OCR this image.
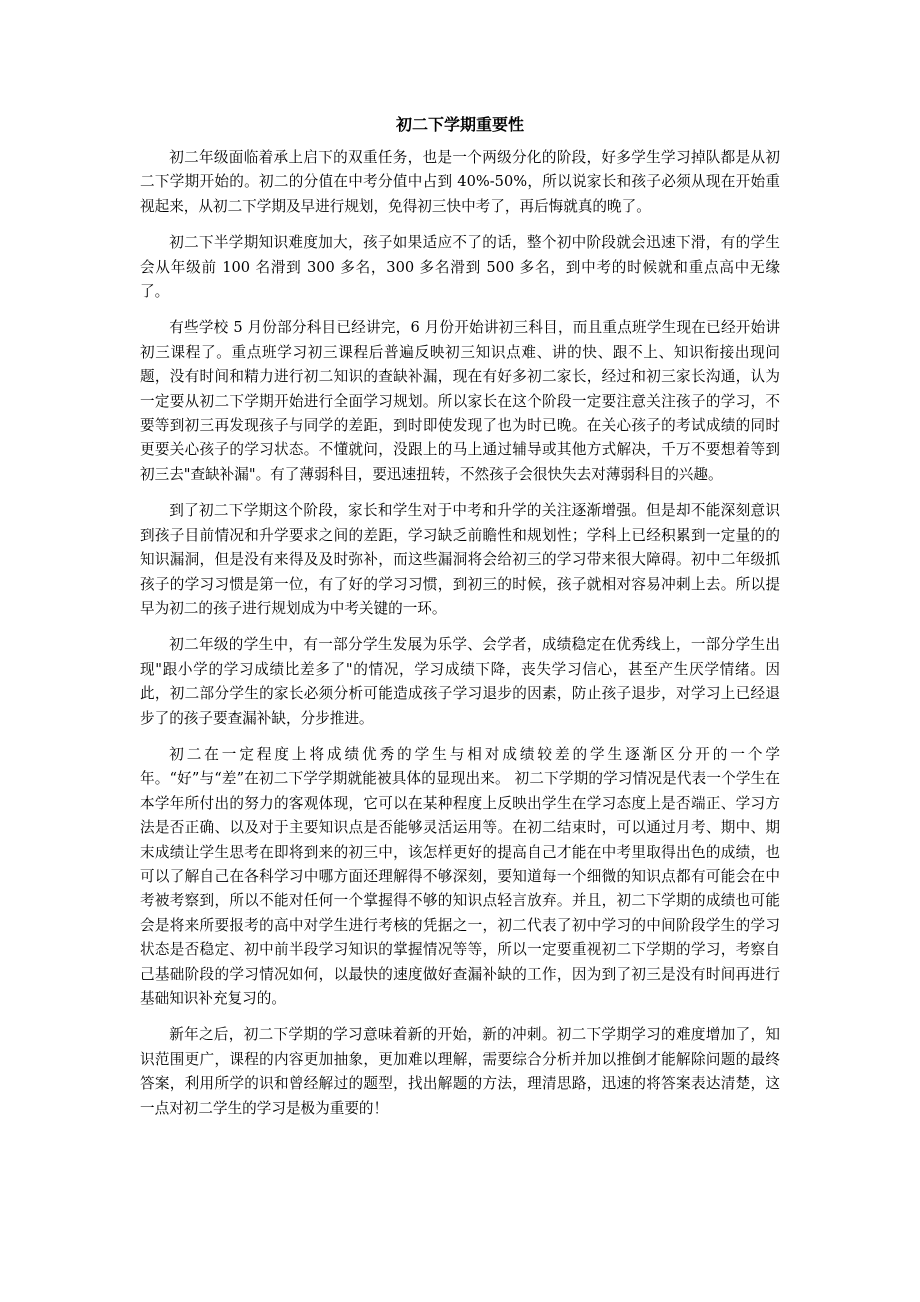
初二下学期重要性

初二年级面临着承上启下的双重任务，也是一个两级分化的阶段，好多学生学习掉队都是从初二下学期开始的。初二的分值在中考分值中占到 40%-50%，所以说家长和孩子必须从现在开始重视起来，从初二下学期及早进行规划，免得初三快中考了，再后悔就真的晚了。

初二下半学期知识难度加大，孩子如果适应不了的话，整个初中阶段就会迅速下滑，有的学生会从年级前 100 名滑到 300 多名，300 多名滑到 500 多名，到中考的时候就和重点高中无缘了。

有些学校 5 月份部分科目已经讲完，6 月份开始讲初三科目，而且重点班学生现在已经开始讲初三课程了。重点班学习初三课程后普遍反映初三知识点难、讲的快、跟不上、知识衔接出现问题，没有时间和精力进行初二知识的查缺补漏，现在有好多初二家长，经过和初三家长沟通，认为一定要从初二下学期开始进行全面学习规划。所以家长在这个阶段一定要注意关注孩子的学习，不要等到初三再发现孩子与同学的差距，到时即使发现了也为时已晚。在关心孩子的考试成绩的同时更要关心孩子的学习状态。不懂就问，没跟上的马上通过辅导或其他方式解决，千万不要想着等到初三去"查缺补漏"。有了薄弱科目，要迅速扭转，不然孩子会很快失去对薄弱科目的兴趣。

到了初二下学期这个阶段，家长和学生对于中考和升学的关注逐渐增强。但是却不能深刻意识到孩子目前情况和升学要求之间的差距，学习缺乏前瞻性和规划性；学科上已经积累到一定量的的知识漏洞，但是没有来得及及时弥补，而这些漏洞将会给初三的学习带来很大障碍。初中二年级抓孩子的学习习惯是第一位，有了好的学习习惯，到初三的时候，孩子就相对容易冲刺上去。所以提早为初二的孩子进行规划成为中考关键的一环。

初二年级的学生中，有一部分学生发展为乐学、会学者，成绩稳定在优秀线上，一部分学生出现"跟小学的学习成绩比差多了"的情况，学习成绩下降，丧失学习信心，甚至产生厌学情绪。因此，初二部分学生的家长必须分析可能造成孩子学习退步的因素，防止孩子退步，对学习上已经退步了的孩子要查漏补缺，分步推进。

初二在一定程度上将成绩优秀的学生与相对成绩较差的学生逐渐区分开的一个学年。“好”与“差”在初二下学学期就能被具体的显现出来。 初二下学期的学习情况是代表一个学生在本学年所付出的努力的客观体现，它可以在某种程度上反映出学生在学习态度上是否端正、学习方法是否正确、以及对于主要知识点是否能够灵活运用等。在初二结束时，可以通过月考、期中、期末成绩让学生思考在即将到来的初三中，该怎样更好的提高自己才能在中考里取得出色的成绩，也可以了解自己在各科学习中哪方面还理解得不够深刻，要知道每一个细微的知识点都有可能会在中考被考察到，所以不能对任何一个掌握得不够的知识点轻言放弃。并且，初二下学期的成绩也可能会是将来所要报考的高中对学生进行考核的凭据之一，初二代表了初中学习的中间阶段学生的学习状态是否稳定、初中前半段学习知识的掌握情况等等，所以一定要重视初二下学期的学习，考察自己基础阶段的学习情况如何，以最快的速度做好查漏补缺的工作，因为到了初三是没有时间再进行基础知识补充复习的。

新年之后，初二下学期的学习意味着新的开始，新的冲刺。初二下学期学习的难度增加了，知识范围更广，课程的内容更加抽象，更加难以理解，需要综合分析并加以推倒才能解除问题的最终答案，利用所学的识和曾经解过的题型，找出解题的方法，理清思路，迅速的将答案表达清楚，这一点对初二学生的学习是极为重要的！
